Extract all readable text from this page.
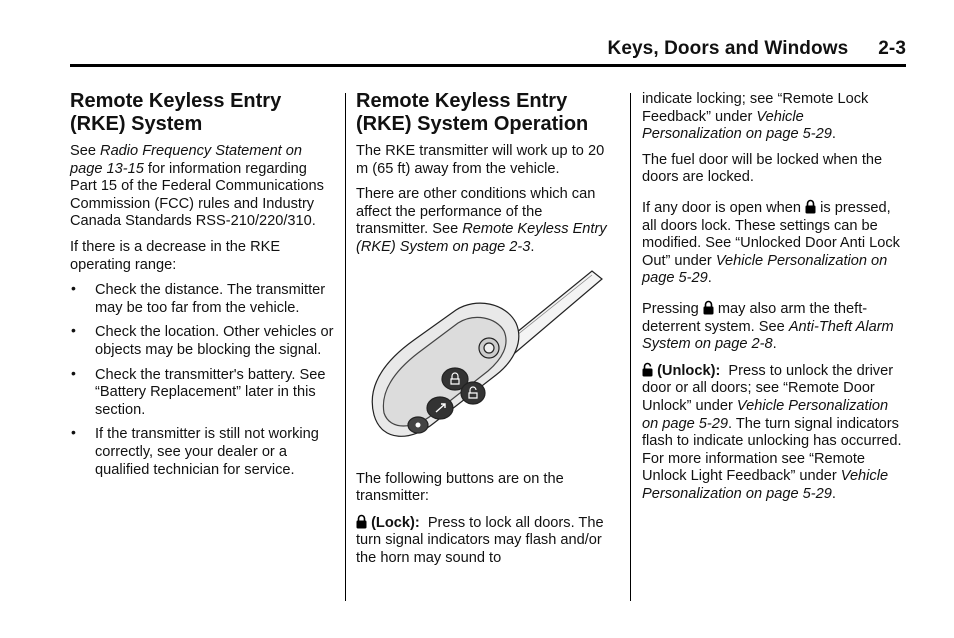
Keys, Doors and Windows 2-3
Remote Keyless Entry
(RKE) System

See Radio Frequency Statement on page 13-15 for information regarding Part 15 of the Federal Communications Commission (FCC) rules and Industry Canada Standards RSS-210/220/310.

If there is a decrease in the RKE operating range:

• Check the distance. The transmitter may be too far from the vehicle.
• Check the location. Other vehicles or objects may be blocking the signal.
• Check the transmitter's battery. See “Battery Replacement” later in this section.
• If the transmitter is still not working correctly, see your dealer or a qualified technician for service.
Remote Keyless Entry
(RKE) System Operation

The RKE transmitter will work up to 20 m (65 ft) away from the vehicle.

There are other conditions which can affect the performance of the transmitter. See Remote Keyless Entry (RKE) System on page 2-3.

The following buttons are on the transmitter:

(Lock):  Press to lock all doors. The turn signal indicators may flash and/or the horn may sound to

indicate locking; see “Remote Lock Feedback” under Vehicle Personalization on page 5-29.

The fuel door will be locked when the doors are locked.

If any door is open when  is pressed, all doors lock. These settings can be modified. See “Unlocked Door Anti Lock Out” under Vehicle Personalization on page 5-29.

Pressing  may also arm the theft-deterrent system. See Anti-Theft Alarm System on page 2-8.

(Unlock):  Press to unlock the driver door or all doors; see “Remote Door Unlock” under Vehicle Personalization on page 5-29. The turn signal indicators flash to indicate unlocking has occurred. For more information see “Remote Unlock Light Feedback” under Vehicle Personalization on page 5-29.
